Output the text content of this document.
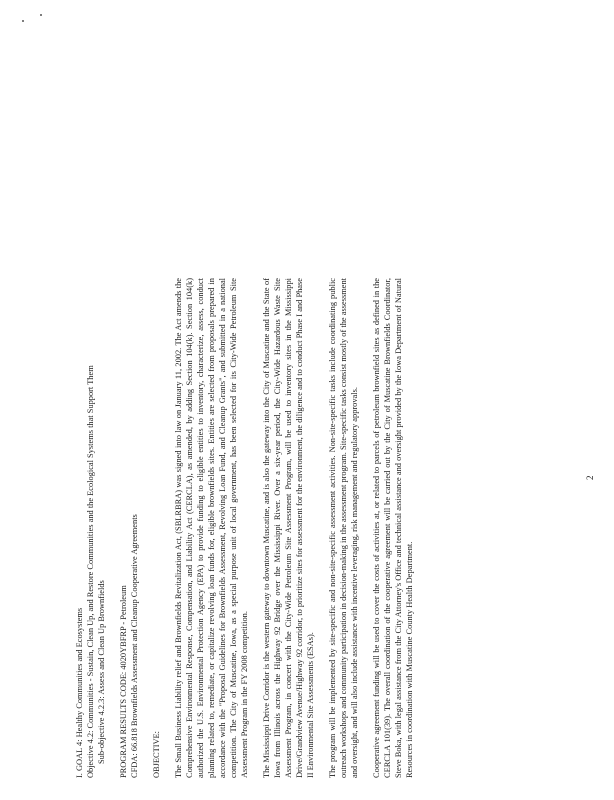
I. GOAL 4: Healthy Communities and Ecosystems Objective 4.2: Communities - Sustain, Clean Up, and Restore Communities and the Ecological Systems that Support Them Sub-objective 4.2.3: Assess and Clean Up Brownfields PROGRAM RESULTS CODE: 4020YBFRP - Petroleum CFDA: 66.818 Brownfields Assessment and Cleanup Cooperative Agreements OBJECTIVE: The Small Business Liability relief and Brownfields Revitalization Act, (SBLRBRA) was signed into law on January 11, 2002. The Act amends the Comprehensive Environmental Response, Compensation, and Liability Act (CERCLA), as amended, by adding Section 104(k). Section 104(k) authorized the U.S. Environmental Protection Agency (EPA) to provide funding to eligible entities to inventory, characterize, assess, conduct planning related to, remediate, or capitalize revolving loan funds for, eligible brownfields sites. Entities are selected from proposals prepared in accordance with the "Proposal Guidelines for Brownfields Assessment, Revolving Loan Fund, and Cleanup Grants", and submitted in a national competition. The City of Muscatine, Iowa, as a special purpose unit of local government, has been selected for its City-Wide Petroleum Site Assessment Program in the FY 2008 competition. The Mississippi Drive Corridor is the western gateway to downtown Muscatine, and is also the gateway into the City of Muscatine and the State of Iowa from Illinois across the Highway 92 Bridge over the Mississippi River. Over a six-year period, the City-Wide Hazardous Waste Site Assessment Program, in concert with the City-Wide Petroleum Site Assessment Program, will be used to inventory sites in the Mississippi Drive/Grandview Avenue/Highway 92 corridor, to prioritize sites for assessment for the environment, the diligence and to conduct Phase I and Phase II Environmental Site Assessments (ESAs). The program will be implemented by site-specific and non-site-specific assessment activities. Non-site-specific tasks include coordinating public outreach workshops and community participation in decision-making in the assessment program. Site-specific tasks consist mostly of the assessment and oversight, and will also include assistance with incentive leveraging, risk management and regulatory approvals. Cooperative agreement funding will be used to cover the costs of activities at, or related to parcels of petroleum brownfield sites as defined in the CERCLA 101(39). The overall coordination of the cooperative agreement will be carried out by the City of Muscatine Brownfields Coordinator, Steve Boka, with legal assistance from the City Attorney's Office and technical assistance and oversight provided by the Iowa Department of Natural Resources in coordination with Muscatine County Health Department.
2
